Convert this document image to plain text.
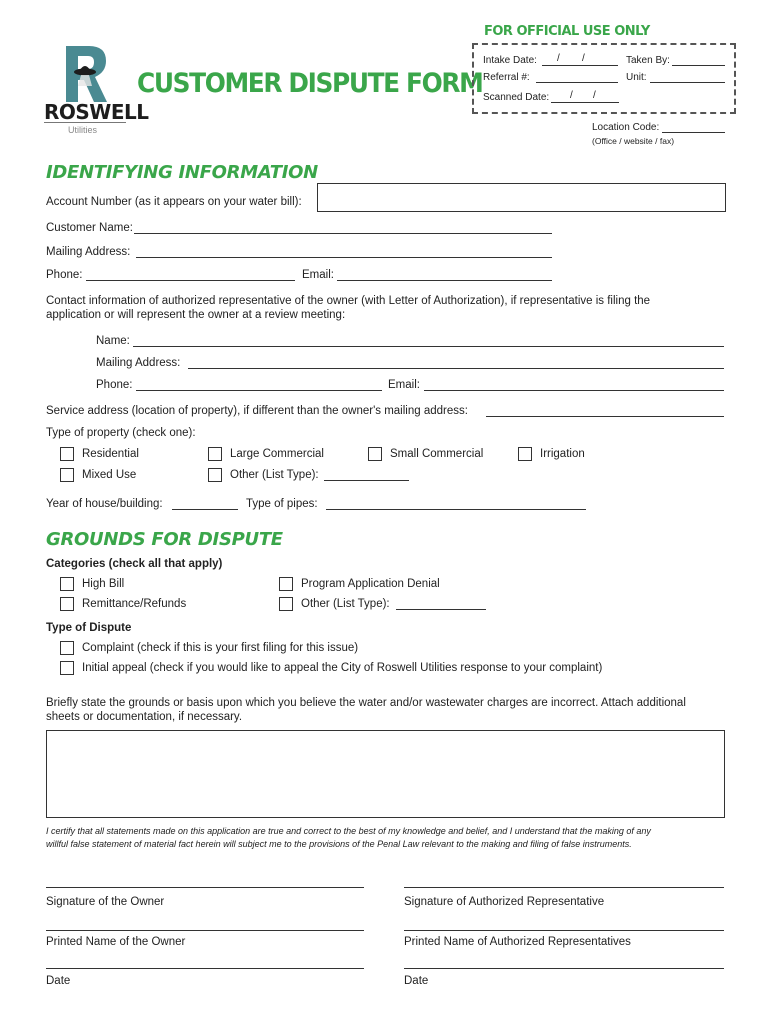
ROSWELL
Utilities
CUSTOMER DISPUTE FORM
FOR OFFICIAL USE ONLY
Intake Date: / /	Taken By:
Referral #:	Unit:
Scanned Date: / /
Location Code:
(Office / website / fax)
IDENTIFYING INFORMATION
Account Number (as it appears on your water bill):
Customer Name:
Mailing Address:
Phone:	Email:
Contact information of authorized representative of the owner (with Letter of Authorization), if representative is filing the
application or will represent the owner at a review meeting:
Name:
Mailing Address:
Phone:	Email:
Service address (location of property), if different than the owner's mailing address:
Type of property (check one):
Residential	Large Commercial	Small Commercial	Irrigation
Mixed Use	Other (List Type):
Year of house/building:	Type of pipes:
GROUNDS FOR DISPUTE
Categories (check all that apply)
High Bill	Program Application Denial
Remittance/Refunds	Other (List Type):
Type of Dispute
Complaint (check if this is your first filing for this issue)
Initial appeal (check if you would like to appeal the City of Roswell Utilities response to your complaint)
Briefly state the grounds or basis upon which you believe the water and/or wastewater charges are incorrect. Attach additional
sheets or documentation, if necessary.
I certify that all statements made on this application are true and correct to the best of my knowledge and belief, and I understand that the making of any
willful false statement of material fact herein will subject me to the provisions of the Penal Law relevant to the making and filing of false instruments.
Signature of the Owner	Signature of Authorized Representative
Printed Name of the Owner	Printed Name of Authorized Representatives
Date	Date
